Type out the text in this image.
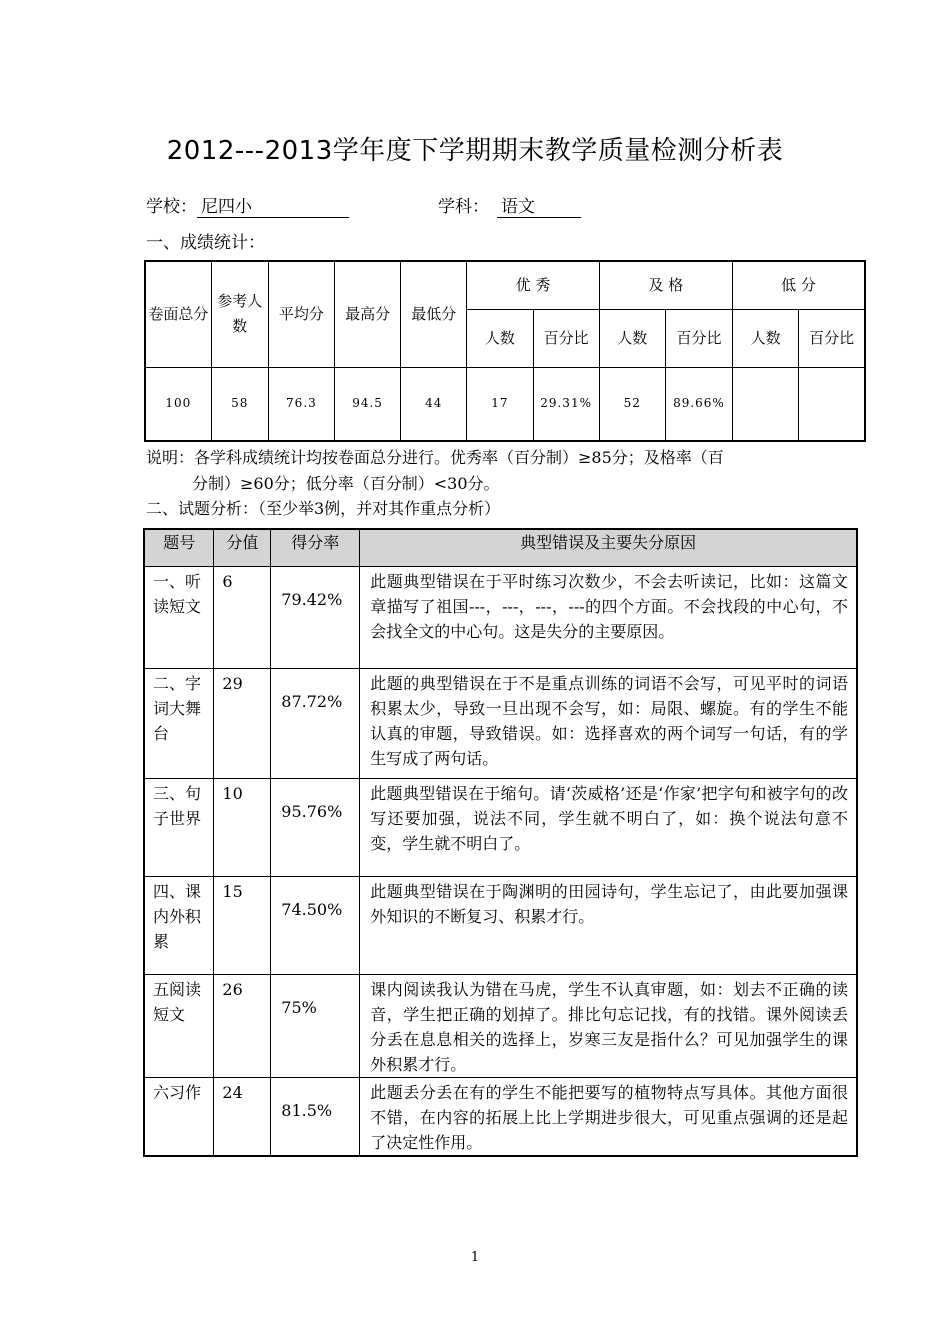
2012---2013学年度下学期期末教学质量检测分析表
学校： 尼四小	学科： 语文
一、成绩统计：
卷面总分	参考人数	平均分	最高分	最低分	优 秀		及 格		低 分	
					人数	百分比	人数	百分比	人数	百分比
100	58	76.3	94.5	44	17	29.31%	52	89.66%		
说明：各学科成绩统计均按卷面总分进行。优秀率（百分制）≥85分；及格率（百
分制）≥60分；低分率（百分制）<30分。
二、试题分析：（至少举3例，并对其作重点分析）
题号	分值	得分率	典型错误及主要失分原因
一、听读短文	6	79.42%	此题典型错误在于平时练习次数少，不会去听读记，比如：这篇文章描写了祖国---，---，---，---的四个方面。不会找段的中心句，不会找全文的中心句。这是失分的主要原因。
二、字词大舞台	29	87.72%	此题的典型错误在于不是重点训练的词语不会写，可见平时的词语积累太少，导致一旦出现不会写，如：局限、螺旋。有的学生不能认真的审题，导致错误。如：选择喜欢的两个词写一句话，有的学生写成了两句话。
三、句子世界	10	95.76%	此题典型错误在于缩句。请‘茨威格’还是‘作家’把字句和被字句的改写还要加强，说法不同，学生就不明白了，如：换个说法句意不变，学生就不明白了。
四、课内外积累	15	74.50%	此题典型错误在于陶渊明的田园诗句，学生忘记了，由此要加强课外知识的不断复习、积累才行。
五阅读短文	26	75%	课内阅读我认为错在马虎，学生不认真审题，如：划去不正确的读音，学生把正确的划掉了。排比句忘记找，有的找错。课外阅读丢分丢在息息相关的选择上，岁寒三友是指什么？可见加强学生的课外积累才行。
六习作	24	81.5%	此题丢分丢在有的学生不能把要写的植物特点写具体。其他方面很不错，在内容的拓展上比上学期进步很大，可见重点强调的还是起了决定性作用。
1
